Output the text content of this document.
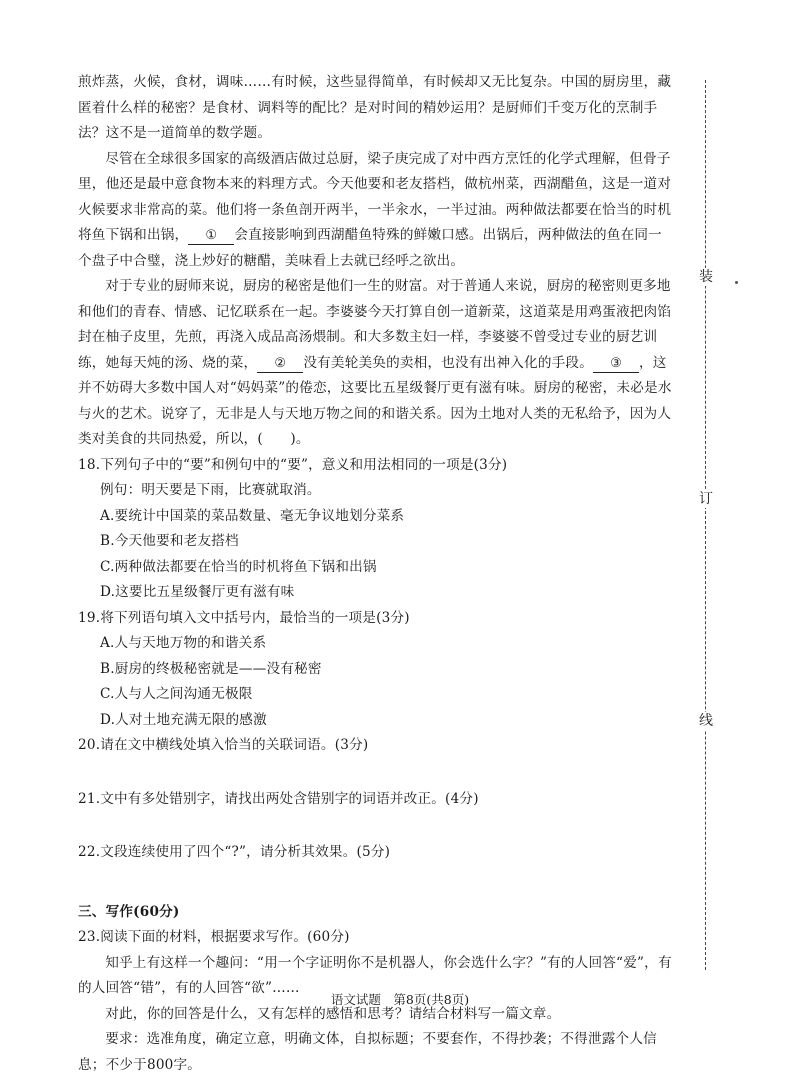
煎炸蒸，火候，食材，调味……有时候，这些显得简单，有时候却又无比复杂。中国的厨房里，藏匿着什么样的秘密？是食材、调料等的配比？是对时间的精妙运用？是厨师们千变万化的烹制手法？这不是一道简单的数学题。

尽管在全球很多国家的高级酒店做过总厨，梁子庚完成了对中西方烹饪的化学式理解，但骨子里，他还是最中意食物本来的料理方式。今天他要和老友搭档，做杭州菜，西湖醋鱼，这是一道对火候要求非常高的菜。他们将一条鱼剖开两半，一半汆水，一半过油。两种做法都要在恰当的时机将鱼下锅和出锅， ① 会直接影响到西湖醋鱼特殊的鲜嫩口感。出锅后，两种做法的鱼在同一个盘子中合璧，浇上炒好的糖醋，美味看上去就已经呼之欲出。

对于专业的厨师来说，厨房的秘密是他们一生的财富。对于普通人来说，厨房的秘密则更多地和他们的青春、情感、记忆联系在一起。李婆婆今天打算自创一道新菜，这道菜是用鸡蛋液把肉馅封在柚子皮里，先煎，再浇入成品高汤煨制。和大多数主妇一样，李婆婆不曾受过专业的厨艺训练，她每天炖的汤、烧的菜， ② 没有美轮美奂的卖相，也没有出神入化的手段。 ③ ，这并不妨碍大多数中国人对“妈妈菜”的倦恋，这要比五星级餐厅更有滋有味。厨房的秘密，未必是水与火的艺术。说穿了，无非是人与天地万物之间的和谐关系。因为土地对人类的无私给予，因为人类对美食的共同热爱，所以，(　　)。

18.下列句子中的“要”和例句中的“要”，意义和用法相同的一项是(3分)

例句：明天要是下雨，比赛就取消。

A.要统计中国菜的菜品数量、毫无争议地划分菜系

B.今天他要和老友搭档

C.两种做法都要在恰当的时机将鱼下锅和出锅

D.这要比五星级餐厅更有滋有味

19.将下列语句填入文中括号内，最恰当的一项是(3分)

A.人与天地万物的和谐关系

B.厨房的终极秘密就是——没有秘密

C.人与人之间沟通无极限

D.人对土地充满无限的感激

20.请在文中横线处填入恰当的关联词语。(3分)

21.文中有多处错别字，请找出两处含错别字的词语并改正。(4分)

22.文段连续使用了四个“?”，请分析其效果。(5分)

三、写作(60分)

23.阅读下面的材料，根据要求写作。(60分)

知乎上有这样一个趣问：“用一个字证明你不是机器人，你会选什么字？”有的人回答“爱”，有的人回答“错”，有的人回答“欲”……

对此，你的回答是什么，又有怎样的感悟和思考？请结合材料写一篇文章。

要求：选准角度，确定立意，明确文体，自拟标题；不要套作，不得抄袭；不得泄露个人信息；不少于800字。

装
订
线
语文试题　第8页(共8页)
